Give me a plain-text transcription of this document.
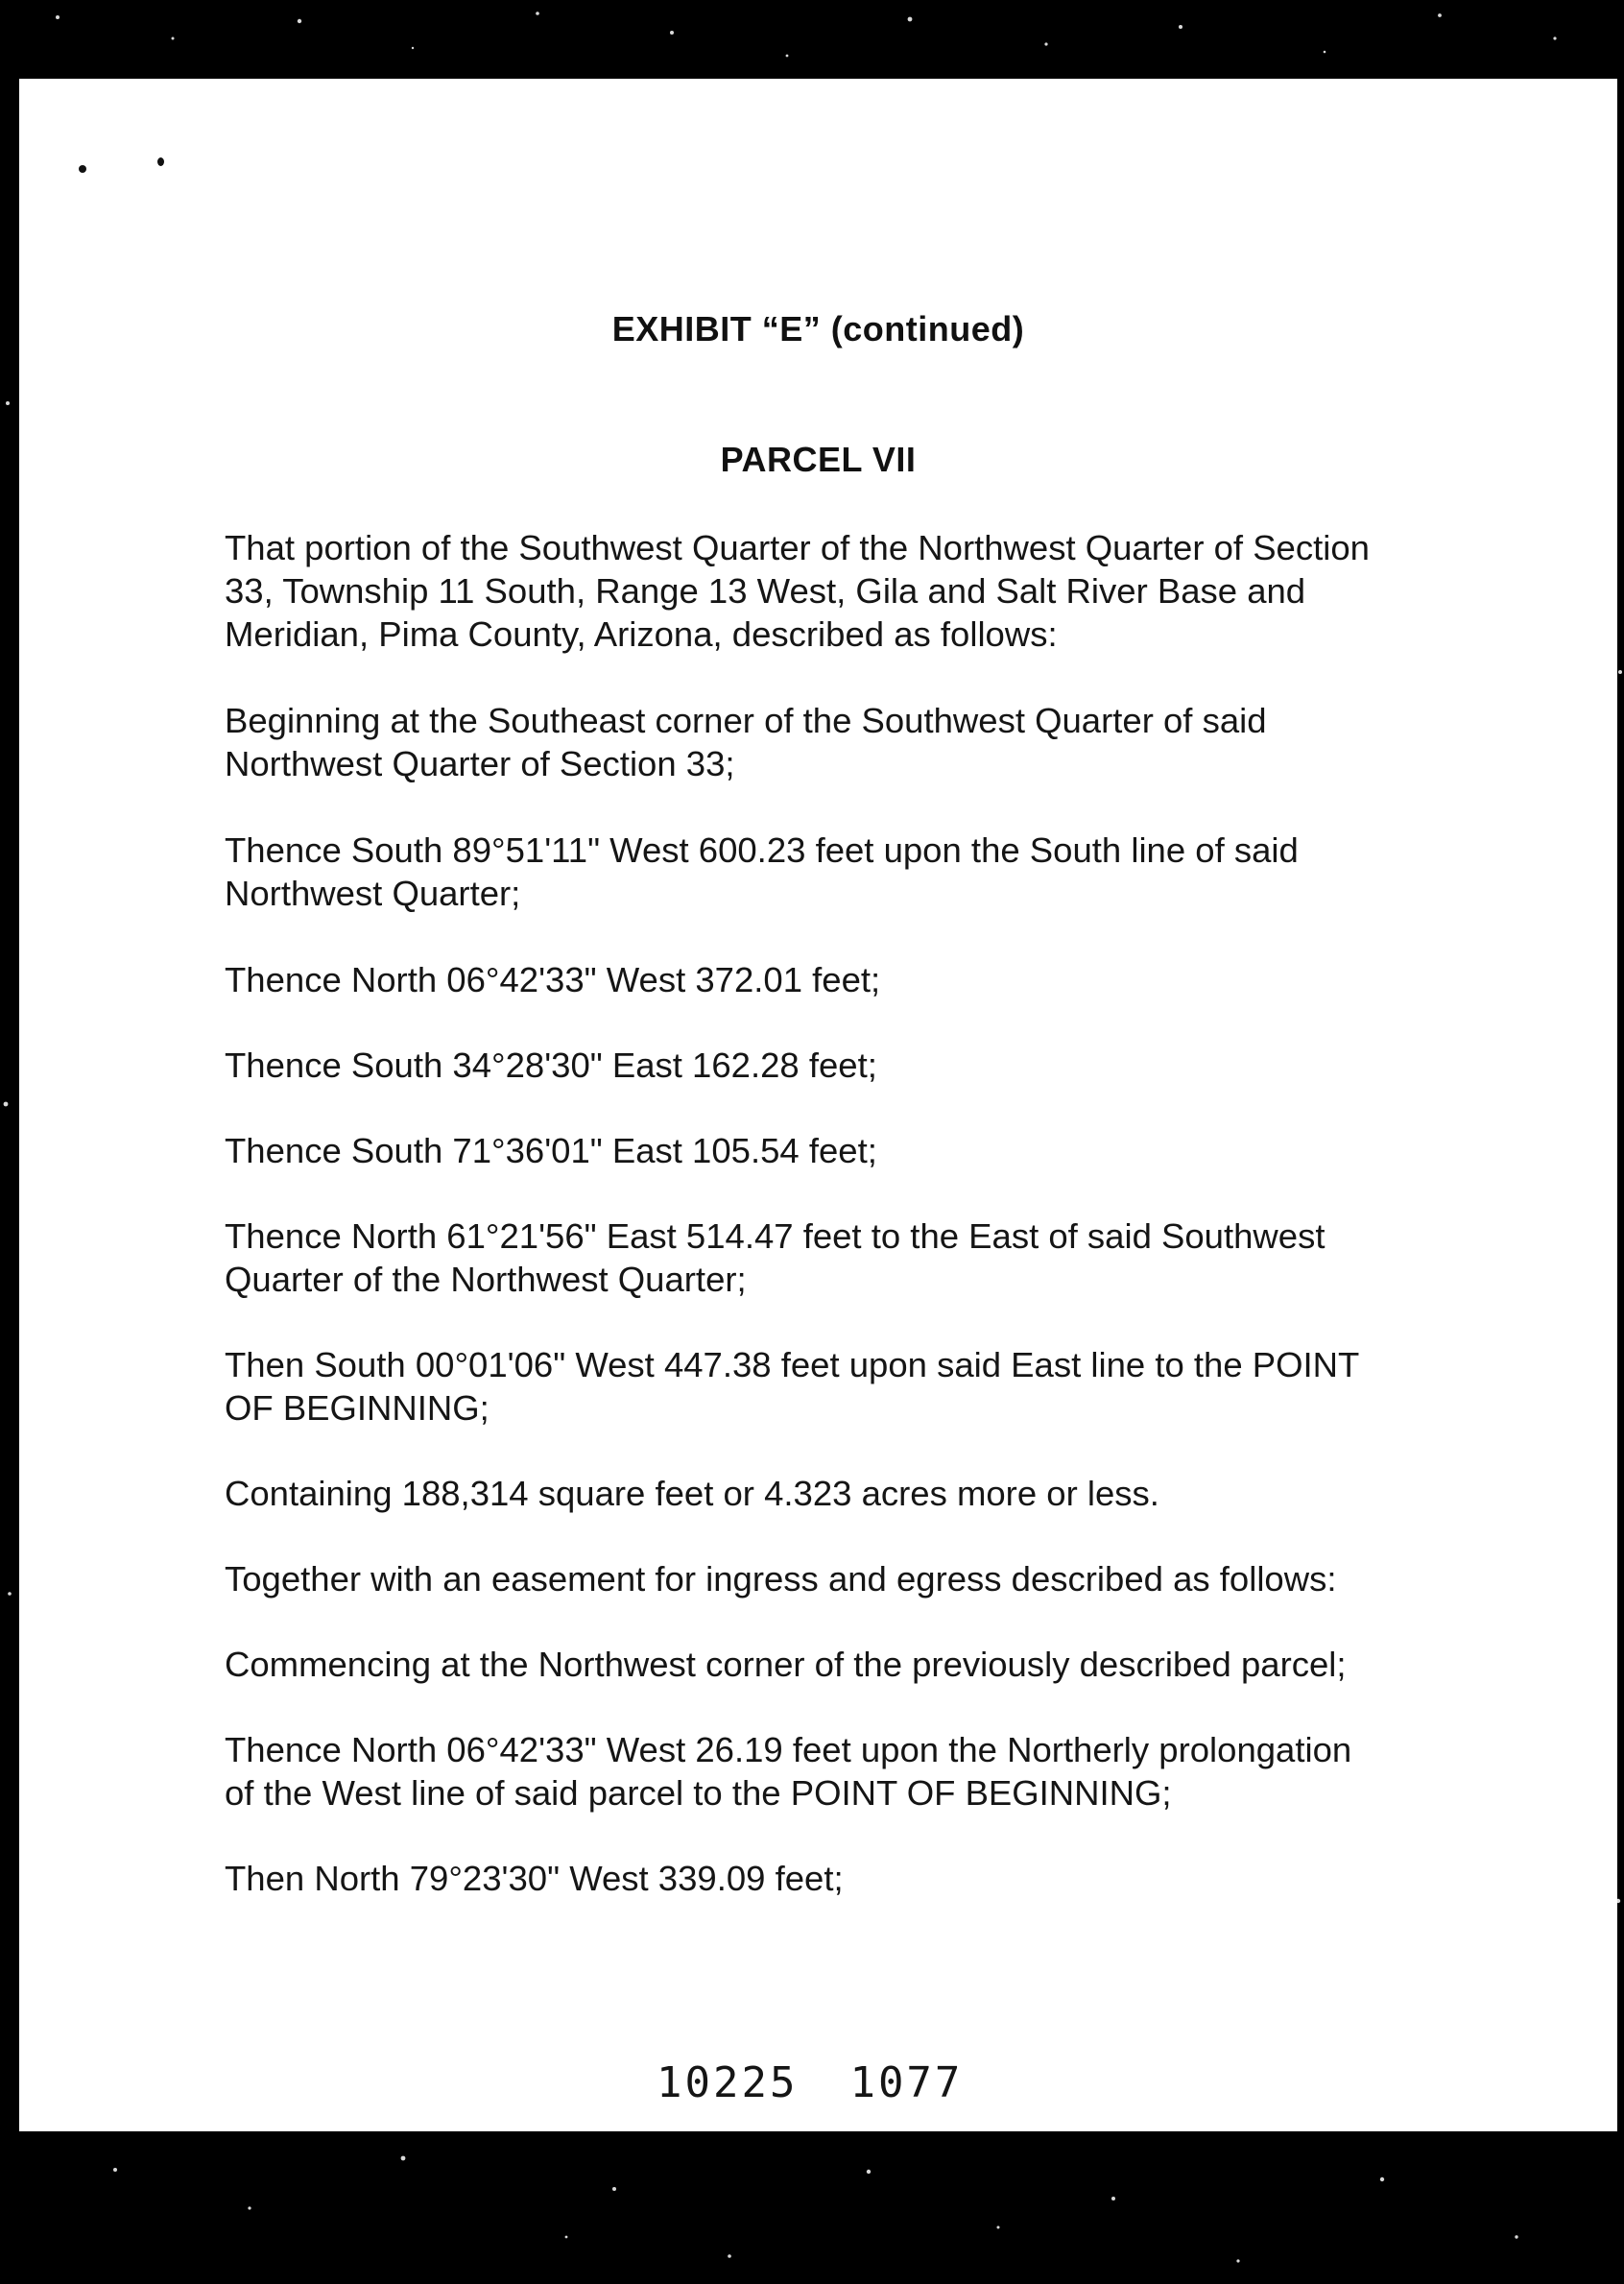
EXHIBIT “E” (continued)
PARCEL VII

That portion of the Southwest Quarter of the Northwest Quarter of Section
33, Township 11 South, Range 13 West, Gila and Salt River Base and
Meridian, Pima County, Arizona, described as follows:

Beginning at the Southeast corner of the Southwest Quarter of said
Northwest Quarter of Section 33;

Thence South 89°51'11" West 600.23 feet upon the South line of said
Northwest Quarter;

Thence North 06°42'33" West 372.01 feet;

Thence South 34°28'30" East 162.28 feet;

Thence South 71°36'01" East 105.54 feet;

Thence North 61°21'56" East 514.47 feet to the East of said Southwest
Quarter of the Northwest Quarter;

Then South 00°01'06" West 447.38 feet upon said East line to the POINT
OF BEGINNING;

Containing 188,314 square feet or 4.323 acres more or less.

Together with an easement for ingress and egress described as follows:

Commencing at the Northwest corner of the previously described parcel;

Thence North 06°42'33" West 26.19 feet upon the Northerly prolongation
of the West line of said parcel to the POINT OF BEGINNING;

Then North 79°23'30" West 339.09 feet;

10225 1077
